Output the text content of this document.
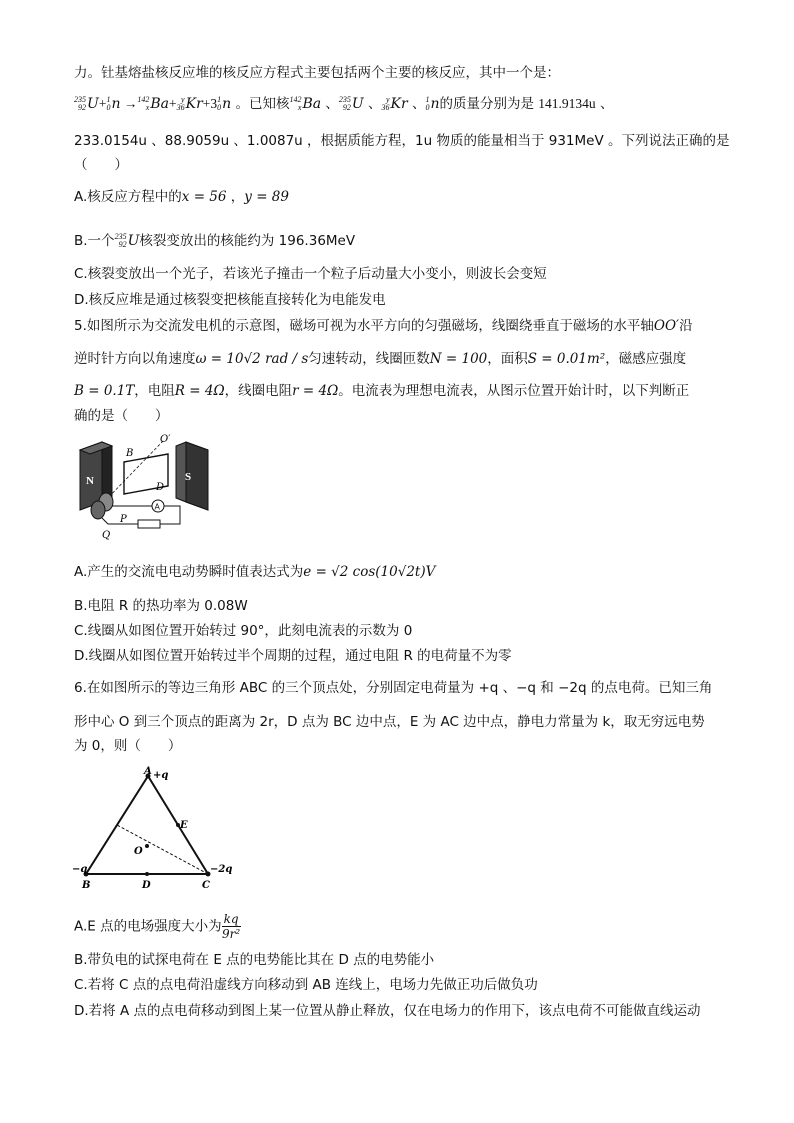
力。钍基熔盐核反应堆的核反应方程式主要包括两个主要的核反应，其中一个是：
235
92 U+ 1
0 n → 142
x Ba+ y
36 Kr+3 1
0 n 。已知核 142
x Ba 、 235
92 U 、 y
36 Kr 、 1
0 n的质量分别为是 141.9134u 、
233.0154u 、88.9059u 、1.0087u ，根据质能方程，1u 物质的能量相当于 931MeV 。下列说法正确的是
（　　）
A.核反应方程中的x = 56 ，y = 89
B.一个 235
92 U核裂变放出的核能约为 196.36MeV
C.核裂变放出一个光子，若该光子撞击一个粒子后动量大小变小，则波长会变短
D.核反应堆是通过核裂变把核能直接转化为电能发电
5.如图所示为交流发电机的示意图，磁场可视为水平方向的匀强磁场，线圈绕垂直于磁场的水平轴OO′沿
逆时针方向以角速度ω = 10√2 rad / s匀速转动，线圈匝数N = 100，面积S = 0.01m²，磁感应强度
B = 0.1T，电阻R = 4Ω，线圈电阻r = 4Ω。电流表为理想电流表，从图示位置开始计时，以下判断正
确的是（　　）
N	S
B
O′
D
P
Q
A
A.产生的交流电电动势瞬时值表达式为e = √2 cos(10√2t)V
B.电阻 R 的热功率为 0.08W
C.线圈从如图位置开始转过 90°，此刻电流表的示数为 0
D.线圈从如图位置开始转过半个周期的过程，通过电阻 R 的电荷量不为零
6.在如图所示的等边三角形 ABC 的三个顶点处，分别固定电荷量为 +q 、−q 和 −2q 的点电荷。已知三角
形中心 O 到三个顶点的距离为 2r，D 点为 BC 边中点，E 为 AC 边中点，静电力常量为 k，取无穷远电势
为 0，则（　　）
A +q
−q
B	C
−2q
D
E
O
A.E 点的电场强度大小为 $\frac{kq}{\text{9r²}}$
B.带负电的试探电荷在 E 点的电势能比其在 D 点的电势能小
C.若将 C 点的点电荷沿虚线方向移动到 AB 连线上，电场力先做正功后做负功
D.若将 A 点的点电荷移动到图上某一位置从静止释放，仅在电场力的作用下，该点电荷不可能做直线运动
